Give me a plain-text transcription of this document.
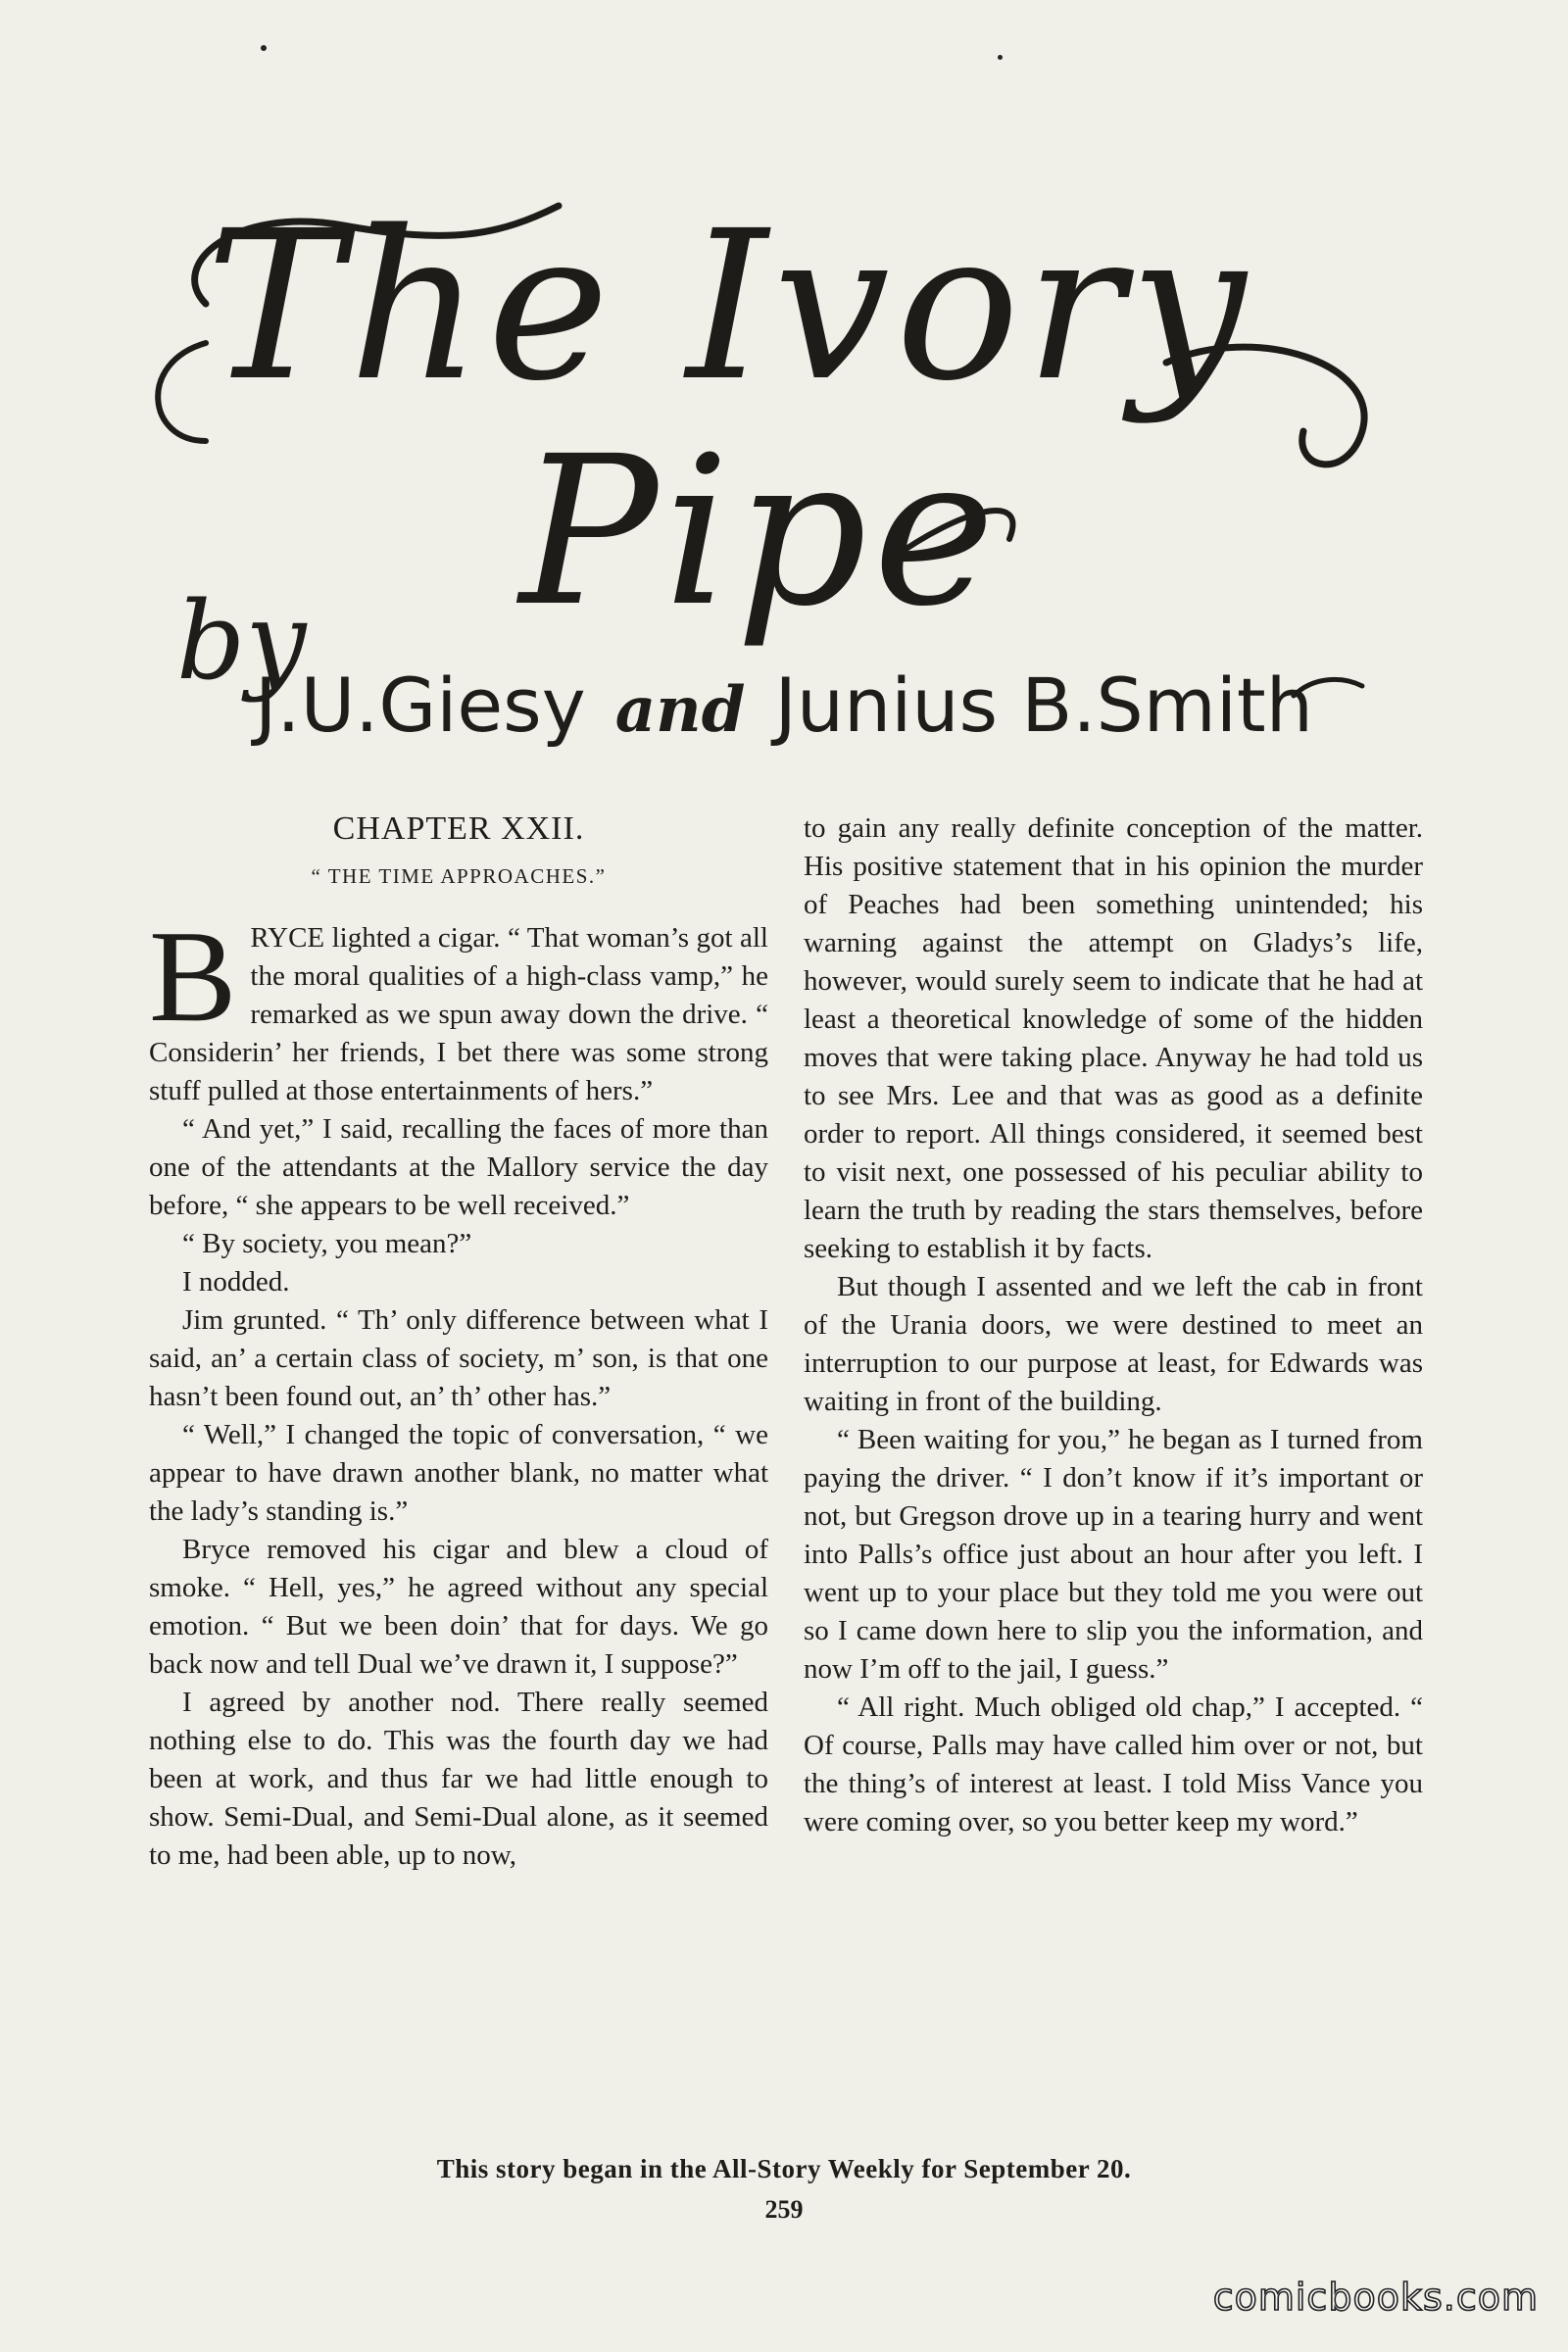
The Ivory
Pipe
by
J.U.Giesy and Junius B.Smith
CHAPTER XXII.
“ THE TIME APPROACHES.”

BRYCE lighted a cigar. “ That woman’s got all the moral qualities of a high-class vamp,” he remarked as we spun away down the drive. “ Considerin’ her friends, I bet there was some strong stuff pulled at those entertainments of hers.”

“ And yet,” I said, recalling the faces of more than one of the attendants at the Mallory service the day before, “ she appears to be well received.”

“ By society, you mean?”

I nodded.

Jim grunted. “ Th’ only difference between what I said, an’ a certain class of society, m’ son, is that one hasn’t been found out, an’ th’ other has.”

“ Well,” I changed the topic of conversation, “ we appear to have drawn another blank, no matter what the lady’s standing is.”

Bryce removed his cigar and blew a cloud of smoke. “ Hell, yes,” he agreed without any special emotion. “ But we been doin’ that for days. We go back now and tell Dual we’ve drawn it, I suppose?”

I agreed by another nod. There really seemed nothing else to do. This was the fourth day we had been at work, and thus far we had little enough to show. Semi-Dual, and Semi-Dual alone, as it seemed to me, had been able, up to now,

to gain any really definite conception of the matter. His positive statement that in his opinion the murder of Peaches had been something unintended; his warning against the attempt on Gladys’s life, however, would surely seem to indicate that he had at least a theoretical knowledge of some of the hidden moves that were taking place. Anyway he had told us to see Mrs. Lee and that was as good as a definite order to report. All things considered, it seemed best to visit next, one possessed of his peculiar ability to learn the truth by reading the stars themselves, before seeking to establish it by facts.

But though I assented and we left the cab in front of the Urania doors, we were destined to meet an interruption to our purpose at least, for Edwards was waiting in front of the building.

“ Been waiting for you,” he began as I turned from paying the driver. “ I don’t know if it’s important or not, but Gregson drove up in a tearing hurry and went into Palls’s office just about an hour after you left. I went up to your place but they told me you were out so I came down here to slip you the information, and now I’m off to the jail, I guess.”

“ All right. Much obliged old chap,” I accepted. “ Of course, Palls may have called him over or not, but the thing’s of interest at least. I told Miss Vance you were coming over, so you better keep my word.”

This story began in the All-Story Weekly for September 20.
259
comicbooks.com
